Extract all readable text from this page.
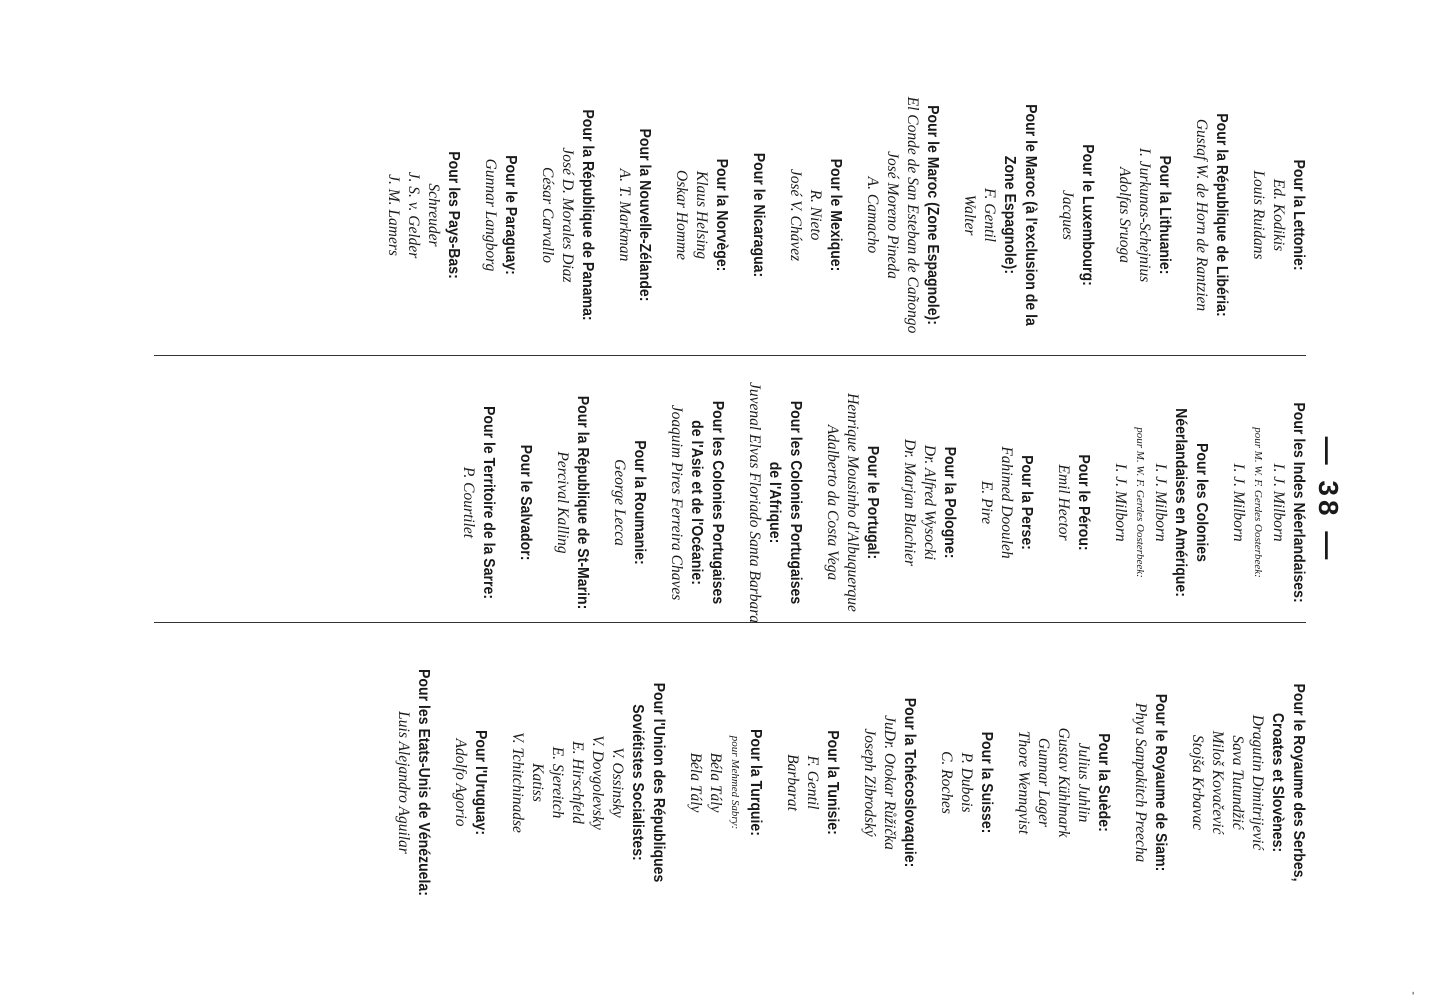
— 38 —
Pour la Lettonie:
Ed. Kodikis
Louis Ruidans
Pour la République de Libéria:
Gustaf W. de Horn de Rantzien
Pour la Lithuanie:
I. Jurkunas-Schejnius
Adolfas Sruoga
Pour le Luxembourg:
Jacques
Pour le Maroc (à l'exclusion de la Zone Espagnole):
F. Gentil
Walter
Pour le Maroc (Zone Espagnole):
El Conde de San Esteban de Cañongo
José Moreno Pineda
A. Camacho
Pour le Mexique:
R. Nieto
José V. Chávez
Pour le Nicaragua:
Pour la Norvège:
Klaus Helsing
Oskar Homme
Pour la Nouvelle-Zélande:
A. T. Markman
Pour la République de Panama:
José D. Morales Diaz
César Carvallo
Pour le Paraguay:
Gunnar Langborg
Pour les Pays-Bas:
Schreuder
J. S. v. Gelder
J. M. Lamers
Pour les Indes Néerlandaises:
I. J. Milborn
pour M. W. F. Gerdes Oosterbeek:
I. J. Milborn
Pour les Colonies Néerlandaises en Amérique:
I. J. Milborn
pour M. W. F. Gerdes Oosterbeek:
I. J. Milborn
Pour le Pérou:
Emil Hector
Pour la Perse:
Fahimed Doouleh
E. Pire
Pour la Pologne:
Dr. Alfred Wysocki
Dr. Marjan Blachier
Pour le Portugal:
Henrique Mousinho d'Albuquerque
Adalberto da Costa Vega
Pour les Colonies Portugaises de l'Afrique:
Juvenal Elvas Floriado Santa Barbara
Pour les Colonies Portugaises de l'Asie et de l'Océanie:
Joaquim Pires Ferreira Chaves
Pour la Roumanie:
George Lecca
Pour la République de St-Marin:
Percival Kalling
Pour le Salvador:
Pour le Territoire de la Sarre:
P. Courtilet
Pour le Royaume des Serbes, Croates et Slovènes:
Dragutin Dimitrijević
Sava Tutundžić
Miloš Kovačević
Stojša Krbavac
Pour le Royaume de Siam:
Phya Sanpakitch Preecha
Pour la Suède:
Julius Juhlin
Gustav Kühlmark
Gunnar Lager
Thore Wennqvist
Pour la Suisse:
P. Dubois
C. Roches
Pour la Tchécoslovaquie:
JuDr. Otokar Růžička
Joseph Zibrodský
Pour la Tunisie:
F. Gentil
Barbarat
Pour la Turquie:
pour Mehmed Sabry:
Béla Tály
Béla Tály
Pour l'Union des Républiques Soviétistes Socialistes:
V. Ossinsky
V. Dovgolevsky
E. Hirschfeld
E. Sjereitch
Katiss
V. Tchitchinadse
Pour l'Uruguay:
Adolfo Agorio
Pour les Etats-Unis de Vénézuela:
Luis Alejandro Aguilar
-
